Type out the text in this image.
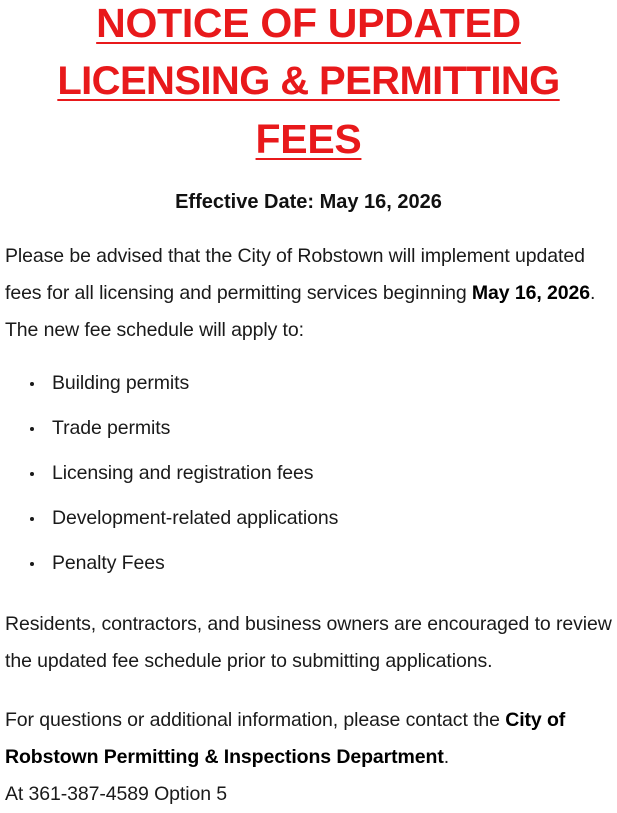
NOTICE OF UPDATED
LICENSING & PERMITTING
FEES

Effective Date: May 16, 2026

Please be advised that the City of Robstown will implement updated fees for all licensing and permitting services beginning May 16, 2026. The new fee schedule will apply to:

Building permits
Trade permits
Licensing and registration fees
Development-related applications
Penalty Fees

Residents, contractors, and business owners are encouraged to review the updated fee schedule prior to submitting applications.

For questions or additional information, please contact the City of Robstown Permitting & Inspections Department.

At 361-387-4589 Option 5
